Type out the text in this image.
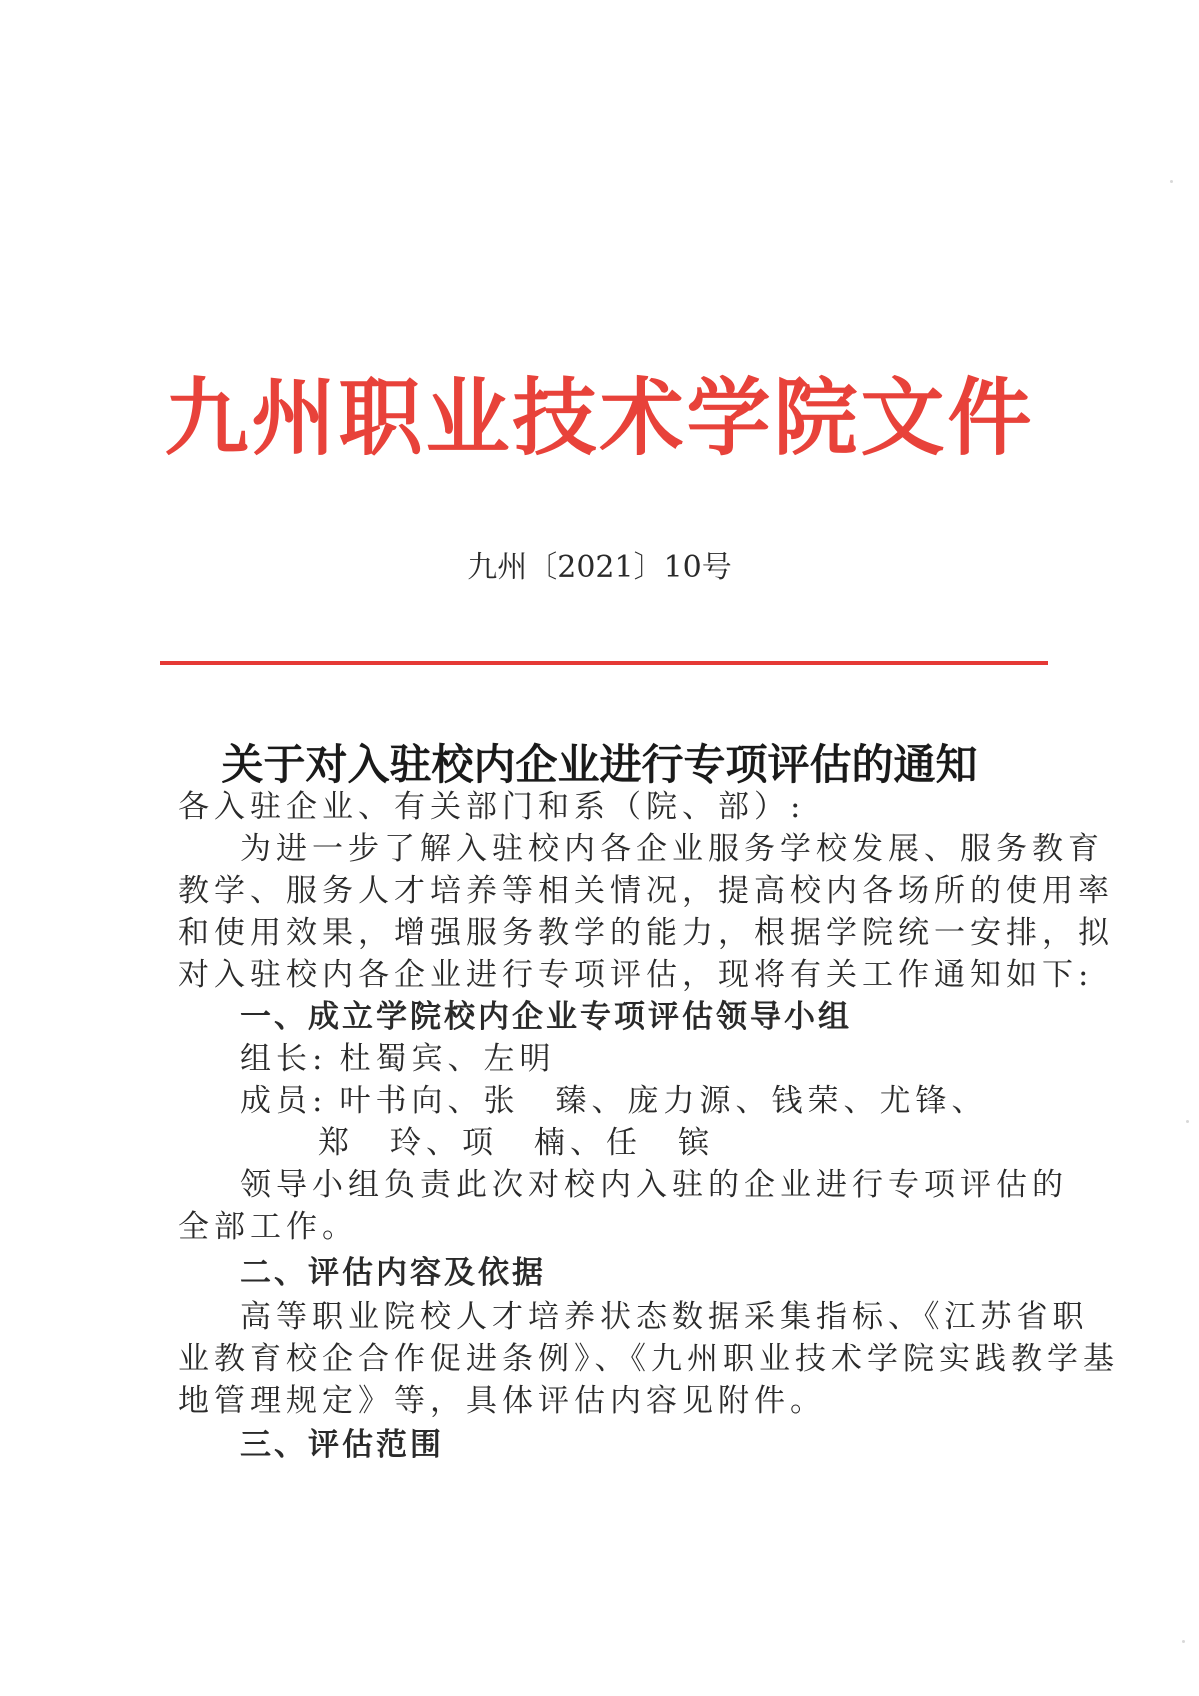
九州职业技术学院文件
九州〔2021〕10号
关于对入驻校内企业进行专项评估的通知
各入驻企业、有关部门和系（院、部）:
为进一步了解入驻校内各企业服务学校发展、服务教育
教学、服务人才培养等相关情况，提高校内各场所的使用率
和使用效果，增强服务教学的能力，根据学院统一安排，拟
对入驻校内各企业进行专项评估，现将有关工作通知如下:
一、成立学院校内企业专项评估领导小组
组长: 杜蜀宾、左明
成员: 叶书向、张 臻、庞力源、钱荣、尤锋、
郑 玲、项 楠、任 镔
领导小组负责此次对校内入驻的企业进行专项评估的
全部工作。
二、评估内容及依据
高等职业院校人才培养状态数据采集指标、《江苏省职
业教育校企合作促进条例》、《九州职业技术学院实践教学基
地管理规定》等，具体评估内容见附件。
三、评估范围
